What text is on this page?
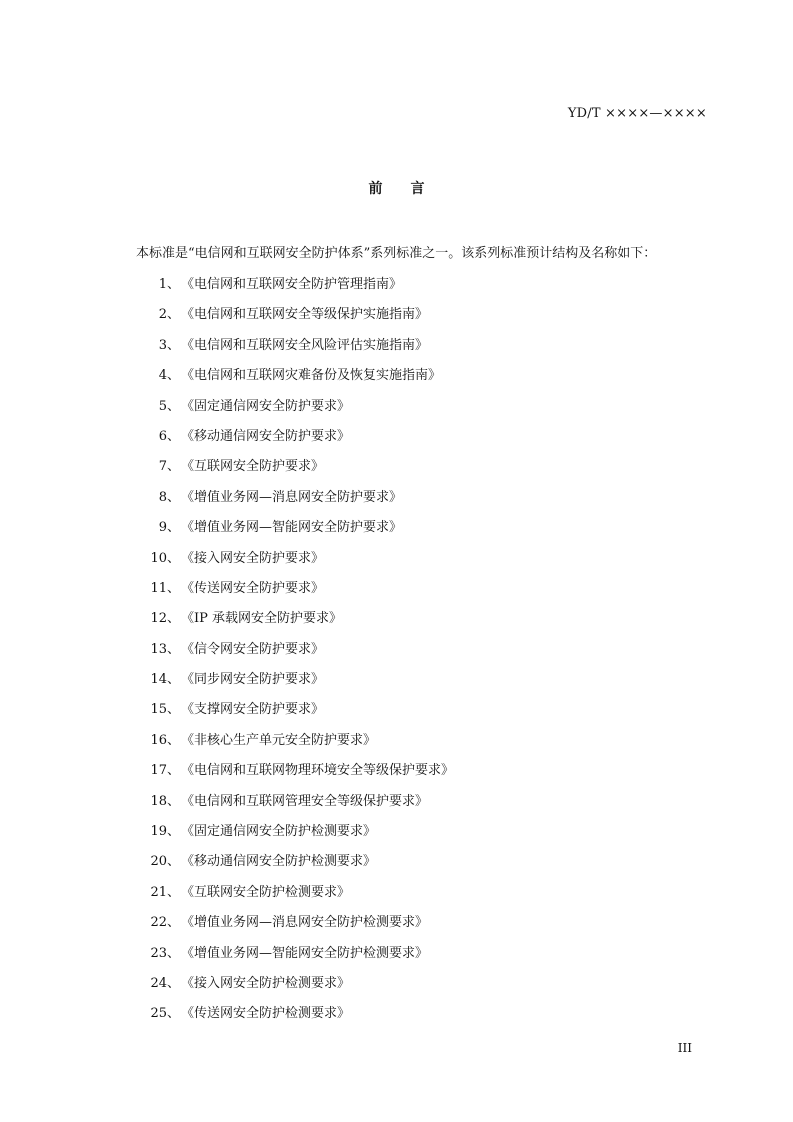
YD/T ××××—××××
前 言
本标准是“电信网和互联网安全防护体系”系列标准之一。该系列标准预计结构及名称如下：
1、 《电信网和互联网安全防护管理指南》
2、 《电信网和互联网安全等级保护实施指南》
3、 《电信网和互联网安全风险评估实施指南》
4、 《电信网和互联网灾难备份及恢复实施指南》
5、 《固定通信网安全防护要求》
6、 《移动通信网安全防护要求》
7、 《互联网安全防护要求》
8、 《增值业务网—消息网安全防护要求》
9、 《增值业务网—智能网安全防护要求》
10、 《接入网安全防护要求》
11、 《传送网安全防护要求》
12、 《IP 承载网安全防护要求》
13、 《信令网安全防护要求》
14、 《同步网安全防护要求》
15、 《支撑网安全防护要求》
16、 《非核心生产单元安全防护要求》
17、 《电信网和互联网物理环境安全等级保护要求》
18、 《电信网和互联网管理安全等级保护要求》
19、 《固定通信网安全防护检测要求》
20、 《移动通信网安全防护检测要求》
21、 《互联网安全防护检测要求》
22、 《增值业务网—消息网安全防护检测要求》
23、 《增值业务网—智能网安全防护检测要求》
24、 《接入网安全防护检测要求》
25、 《传送网安全防护检测要求》
III
